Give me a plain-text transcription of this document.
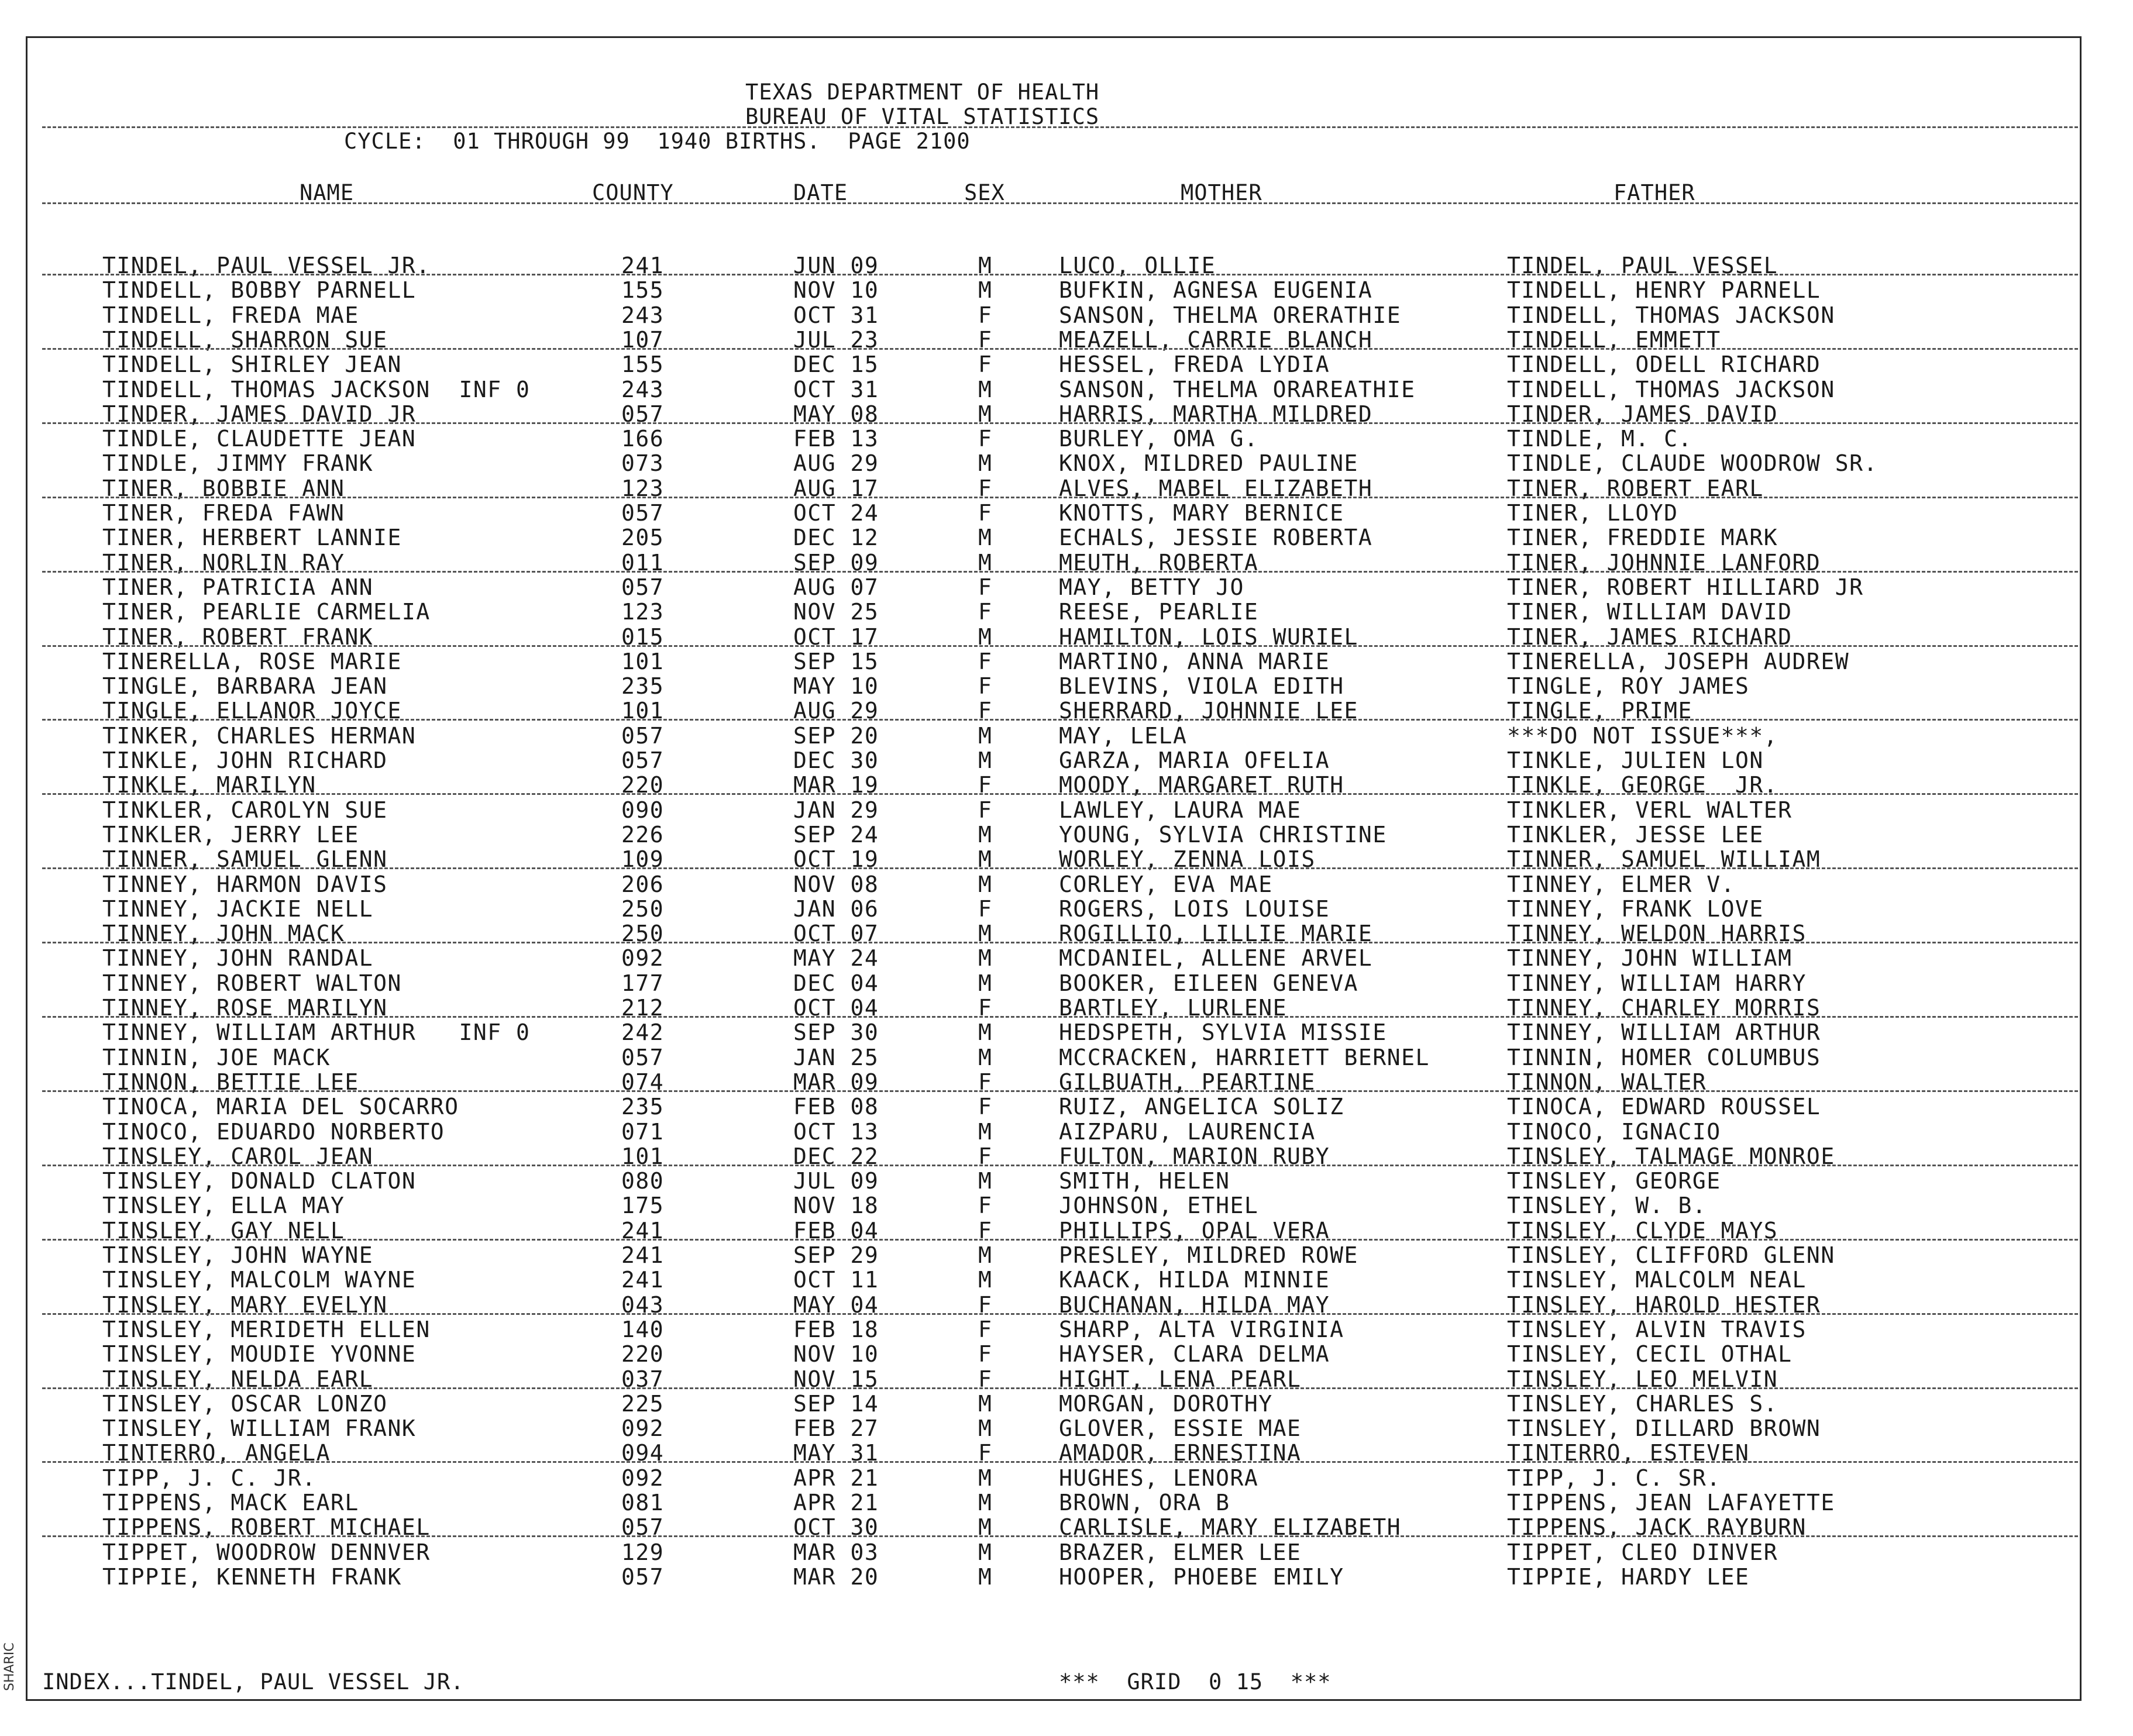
SHARIC
TEXAS DEPARTMENT OF HEALTH
BUREAU OF VITAL STATISTICS
CYCLE:  01 THROUGH 99  1940 BIRTHS.  PAGE 2100
NAME	COUNTY	DATE	SEX	MOTHER	FATHER
TINDEL, PAUL VESSEL JR.	241	JUN 09	M	LUCO, OLLIE	TINDEL, PAUL VESSEL
TINDELL, BOBBY PARNELL	155	NOV 10	M	BUFKIN, AGNESA EUGENIA	TINDELL, HENRY PARNELL
TINDELL, FREDA MAE	243	OCT 31	F	SANSON, THELMA ORERATHIE	TINDELL, THOMAS JACKSON
TINDELL, SHARRON SUE	107	JUL 23	F	MEAZELL, CARRIE BLANCH	TINDELL, EMMETT
TINDELL, SHIRLEY JEAN	155	DEC 15	F	HESSEL, FREDA LYDIA	TINDELL, ODELL RICHARD
TINDELL, THOMAS JACKSON  INF 0	243	OCT 31	M	SANSON, THELMA ORAREATHIE	TINDELL, THOMAS JACKSON
TINDER, JAMES DAVID JR	057	MAY 08	M	HARRIS, MARTHA MILDRED	TINDER, JAMES DAVID
TINDLE, CLAUDETTE JEAN	166	FEB 13	F	BURLEY, OMA G.	TINDLE, M. C.
TINDLE, JIMMY FRANK	073	AUG 29	M	KNOX, MILDRED PAULINE	TINDLE, CLAUDE WOODROW SR.
TINER, BOBBIE ANN	123	AUG 17	F	ALVES, MABEL ELIZABETH	TINER, ROBERT EARL
TINER, FREDA FAWN	057	OCT 24	F	KNOTTS, MARY BERNICE	TINER, LLOYD
TINER, HERBERT LANNIE	205	DEC 12	M	ECHALS, JESSIE ROBERTA	TINER, FREDDIE MARK
TINER, NORLIN RAY	011	SEP 09	M	MEUTH, ROBERTA	TINER, JOHNNIE LANFORD
TINER, PATRICIA ANN	057	AUG 07	F	MAY, BETTY JO	TINER, ROBERT HILLIARD JR
TINER, PEARLIE CARMELIA	123	NOV 25	F	REESE, PEARLIE	TINER, WILLIAM DAVID
TINER, ROBERT FRANK	015	OCT 17	M	HAMILTON, LOIS WURIEL	TINER, JAMES RICHARD
TINERELLA, ROSE MARIE	101	SEP 15	F	MARTINO, ANNA MARIE	TINERELLA, JOSEPH AUDREW
TINGLE, BARBARA JEAN	235	MAY 10	F	BLEVINS, VIOLA EDITH	TINGLE, ROY JAMES
TINGLE, ELLANOR JOYCE	101	AUG 29	F	SHERRARD, JOHNNIE LEE	TINGLE, PRIME
TINKER, CHARLES HERMAN	057	SEP 20	M	MAY, LELA	***DO NOT ISSUE***,
TINKLE, JOHN RICHARD	057	DEC 30	M	GARZA, MARIA OFELIA	TINKLE, JULIEN LON
TINKLE, MARILYN	220	MAR 19	F	MOODY, MARGARET RUTH	TINKLE, GEORGE  JR.
TINKLER, CAROLYN SUE	090	JAN 29	F	LAWLEY, LAURA MAE	TINKLER, VERL WALTER
TINKLER, JERRY LEE	226	SEP 24	M	YOUNG, SYLVIA CHRISTINE	TINKLER, JESSE LEE
TINNER, SAMUEL GLENN	109	OCT 19	M	WORLEY, ZENNA LOIS	TINNER, SAMUEL WILLIAM
TINNEY, HARMON DAVIS	206	NOV 08	M	CORLEY, EVA MAE	TINNEY, ELMER V.
TINNEY, JACKIE NELL	250	JAN 06	F	ROGERS, LOIS LOUISE	TINNEY, FRANK LOVE
TINNEY, JOHN MACK	250	OCT 07	M	ROGILLIO, LILLIE MARIE	TINNEY, WELDON HARRIS
TINNEY, JOHN RANDAL	092	MAY 24	M	MCDANIEL, ALLENE ARVEL	TINNEY, JOHN WILLIAM
TINNEY, ROBERT WALTON	177	DEC 04	M	BOOKER, EILEEN GENEVA	TINNEY, WILLIAM HARRY
TINNEY, ROSE MARILYN	212	OCT 04	F	BARTLEY, LURLENE	TINNEY, CHARLEY MORRIS
TINNEY, WILLIAM ARTHUR   INF 0	242	SEP 30	M	HEDSPETH, SYLVIA MISSIE	TINNEY, WILLIAM ARTHUR
TINNIN, JOE MACK	057	JAN 25	M	MCCRACKEN, HARRIETT BERNEL	TINNIN, HOMER COLUMBUS
TINNON, BETTIE LEE	074	MAR 09	F	GILBUATH, PEARTINE	TINNON, WALTER
TINOCA, MARIA DEL SOCARRO	235	FEB 08	F	RUIZ, ANGELICA SOLIZ	TINOCA, EDWARD ROUSSEL
TINOCO, EDUARDO NORBERTO	071	OCT 13	M	AIZPARU, LAURENCIA	TINOCO, IGNACIO
TINSLEY, CAROL JEAN	101	DEC 22	F	FULTON, MARION RUBY	TINSLEY, TALMAGE MONROE
TINSLEY, DONALD CLATON	080	JUL 09	M	SMITH, HELEN	TINSLEY, GEORGE
TINSLEY, ELLA MAY	175	NOV 18	F	JOHNSON, ETHEL	TINSLEY, W. B.
TINSLEY, GAY NELL	241	FEB 04	F	PHILLIPS, OPAL VERA	TINSLEY, CLYDE MAYS
TINSLEY, JOHN WAYNE	241	SEP 29	M	PRESLEY, MILDRED ROWE	TINSLEY, CLIFFORD GLENN
TINSLEY, MALCOLM WAYNE	241	OCT 11	M	KAACK, HILDA MINNIE	TINSLEY, MALCOLM NEAL
TINSLEY, MARY EVELYN	043	MAY 04	F	BUCHANAN, HILDA MAY	TINSLEY, HAROLD HESTER
TINSLEY, MERIDETH ELLEN	140	FEB 18	F	SHARP, ALTA VIRGINIA	TINSLEY, ALVIN TRAVIS
TINSLEY, MOUDIE YVONNE	220	NOV 10	F	HAYSER, CLARA DELMA	TINSLEY, CECIL OTHAL
TINSLEY, NELDA EARL	037	NOV 15	F	HIGHT, LENA PEARL	TINSLEY, LEO MELVIN
TINSLEY, OSCAR LONZO	225	SEP 14	M	MORGAN, DOROTHY	TINSLEY, CHARLES S.
TINSLEY, WILLIAM FRANK	092	FEB 27	M	GLOVER, ESSIE MAE	TINSLEY, DILLARD BROWN
TINTERRO, ANGELA	094	MAY 31	F	AMADOR, ERNESTINA	TINTERRO, ESTEVEN
TIPP, J. C. JR.	092	APR 21	M	HUGHES, LENORA	TIPP, J. C. SR.
TIPPENS, MACK EARL	081	APR 21	M	BROWN, ORA B	TIPPENS, JEAN LAFAYETTE
TIPPENS, ROBERT MICHAEL	057	OCT 30	M	CARLISLE, MARY ELIZABETH	TIPPENS, JACK RAYBURN
TIPPET, WOODROW DENNVER	129	MAR 03	M	BRAZER, ELMER LEE	TIPPET, CLEO DINVER
TIPPIE, KENNETH FRANK	057	MAR 20	M	HOOPER, PHOEBE EMILY	TIPPIE, HARDY LEE
INDEX...TINDEL, PAUL VESSEL JR.	***  GRID  0 15  ***
